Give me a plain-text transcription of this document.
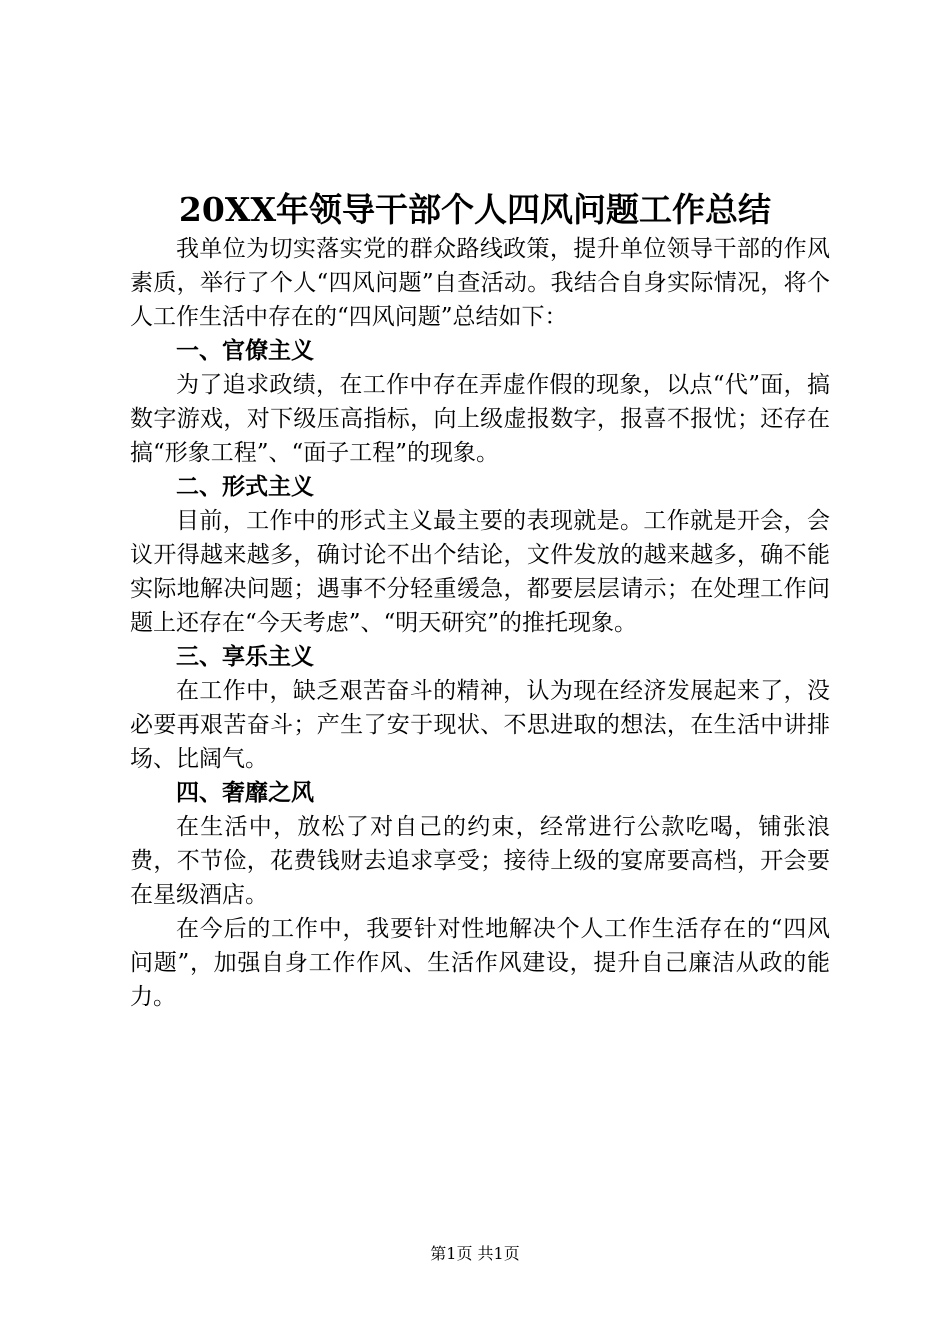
20XX年领导干部个人四风问题工作总结

我单位为切实落实党的群众路线政策，提升单位领导干部的作风素质，举行了个人“四风问题”自查活动。我结合自身实际情况，将个人工作生活中存在的“四风问题”总结如下：

一、官僚主义

为了追求政绩，在工作中存在弄虚作假的现象，以点“代”面，搞数字游戏，对下级压高指标，向上级虚报数字，报喜不报忧；还存在搞“形象工程”、“面子工程”的现象。

二、形式主义

目前，工作中的形式主义最主要的表现就是。工作就是开会，会议开得越来越多，确讨论不出个结论，文件发放的越来越多，确不能实际地解决问题；遇事不分轻重缓急，都要层层请示；在处理工作问题上还存在“今天考虑”、“明天研究”的推托现象。

三、享乐主义

在工作中，缺乏艰苦奋斗的精神，认为现在经济发展起来了，没必要再艰苦奋斗；产生了安于现状、不思进取的想法，在生活中讲排场、比阔气。

四、奢靡之风

在生活中，放松了对自己的约束，经常进行公款吃喝，铺张浪费，不节俭，花费钱财去追求享受；接待上级的宴席要高档，开会要在星级酒店。

在今后的工作中，我要针对性地解决个人工作生活存在的“四风问题”，加强自身工作作风、生活作风建设，提升自己廉洁从政的能力。

第1页 共1页
